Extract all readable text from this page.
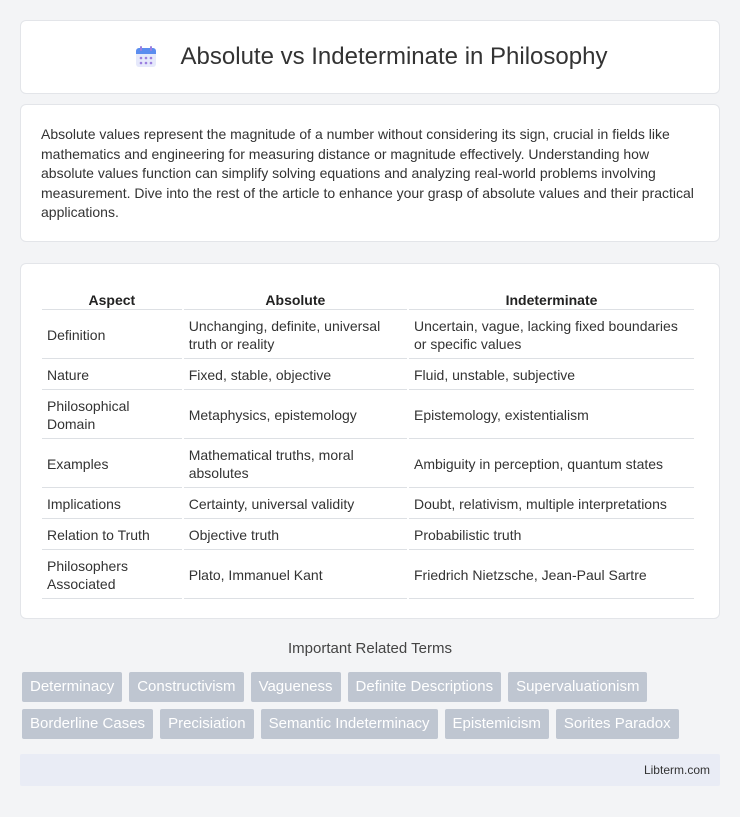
Absolute vs Indeterminate in Philosophy

Absolute values represent the magnitude of a number without considering its sign, crucial in fields like mathematics and engineering for measuring distance or magnitude effectively. Understanding how absolute values function can simplify solving equations and analyzing real-world problems involving measurement. Dive into the rest of the article to enhance your grasp of absolute values and their practical applications.

Aspect	Absolute	Indeterminate
Definition	Unchanging, definite, universal truth or reality	Uncertain, vague, lacking fixed boundaries or specific values
Nature	Fixed, stable, objective	Fluid, unstable, subjective
Philosophical Domain	Metaphysics, epistemology	Epistemology, existentialism
Examples	Mathematical truths, moral absolutes	Ambiguity in perception, quantum states
Implications	Certainty, universal validity	Doubt, relativism, multiple interpretations
Relation to Truth	Objective truth	Probabilistic truth
Philosophers Associated	Plato, Immanuel Kant	Friedrich Nietzsche, Jean-Paul Sartre
Important Related Terms
Determinacy	Constructivism	Vagueness	Definite Descriptions	Supervaluationism
Borderline Cases	Precisiation	Semantic Indeterminacy	Epistemicism	Sorites Paradox
Libterm.com
